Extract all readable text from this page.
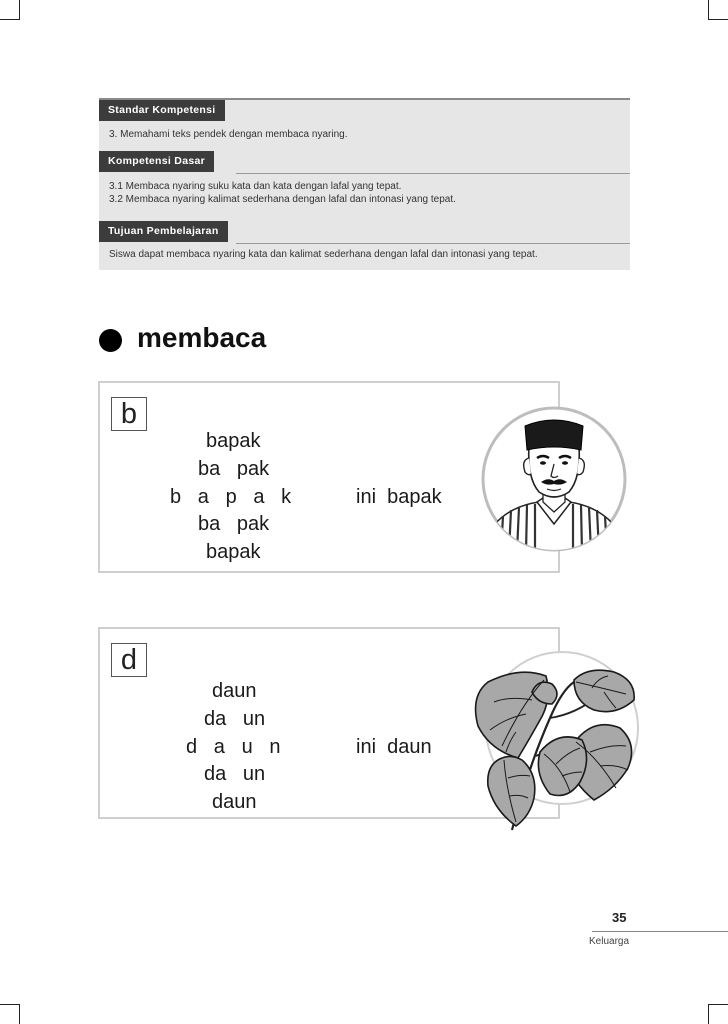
Standar Kompetensi
3. Memahami teks pendek dengan membaca nyaring.
Kompetensi Dasar
3.1 Membaca nyaring suku kata dan kata dengan lafal yang tepat.
3.2 Membaca nyaring kalimat sederhana dengan lafal dan intonasi yang tepat.
Tujuan Pembelajaran
Siswa dapat membaca nyaring kata dan kalimat sederhana dengan lafal dan intonasi yang tepat.
membaca
b
bapak
ba   pak
b   a   p   a   k	ini  bapak
ba   pak
bapak
d
daun
da   un
d   a   u   n	ini  daun
da   un
daun
35
Keluarga
